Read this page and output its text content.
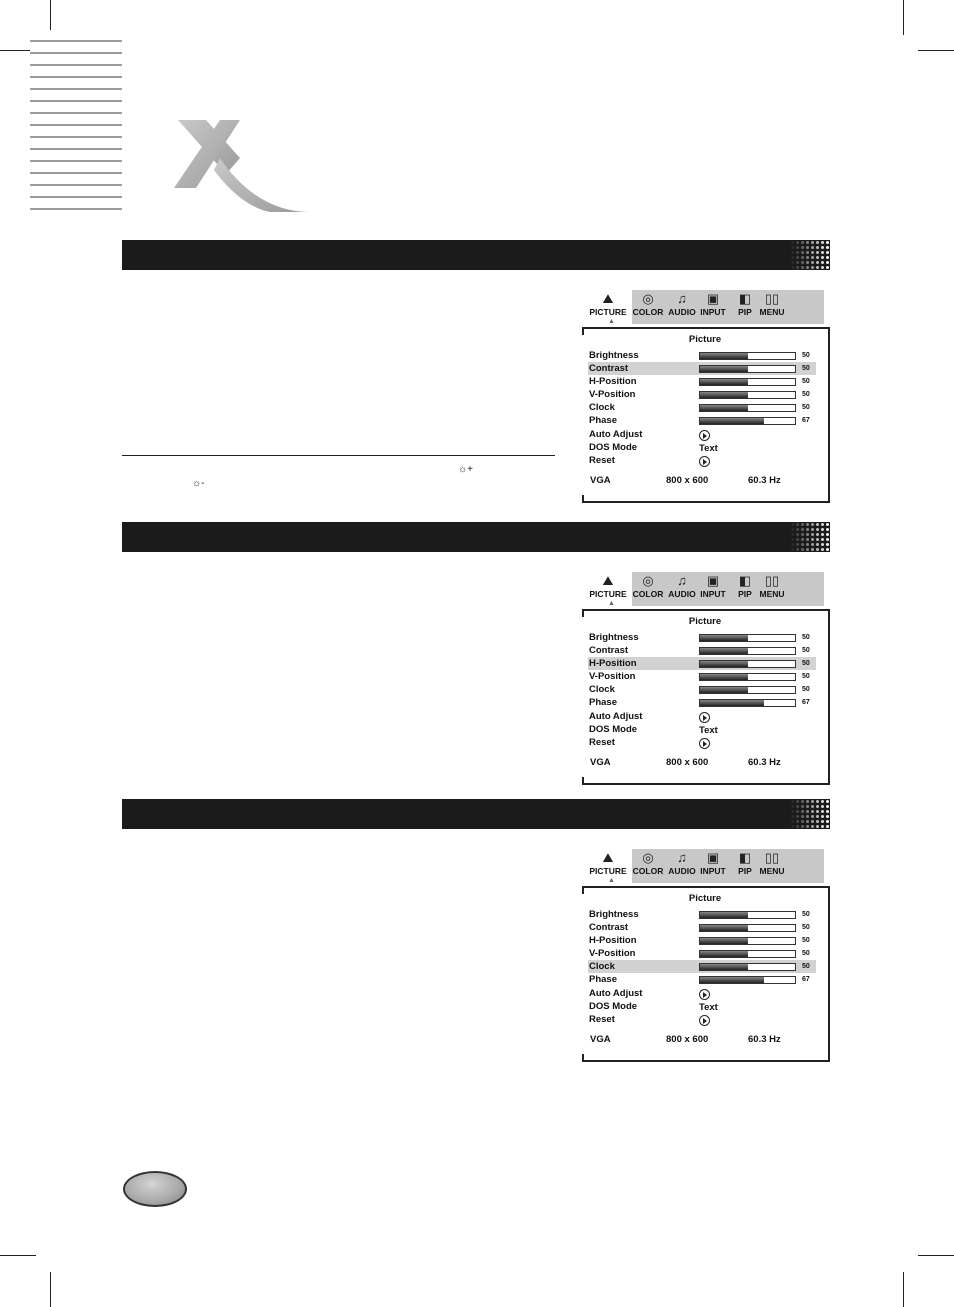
☼+
☼-
⛰
PICTURE
◎
COLOR
♫
AUDIO
▣
INPUT
◧
PIP
▯▯
MENU
▲
Picture
Brightness	50
Contrast	50
H-Position	50
V-Position	50
Clock	50
Phase	67
Auto Adjust
DOS Mode	Text
Reset
VGA	800 x 600	60.3 Hz
⛰
PICTURE
◎
COLOR
♫
AUDIO
▣
INPUT
◧
PIP
▯▯
MENU
▲
Picture
Brightness	50
Contrast	50
H-Position	50
V-Position	50
Clock	50
Phase	67
Auto Adjust
DOS Mode	Text
Reset
VGA	800 x 600	60.3 Hz
⛰
PICTURE
◎
COLOR
♫
AUDIO
▣
INPUT
◧
PIP
▯▯
MENU
▲
Picture
Brightness	50
Contrast	50
H-Position	50
V-Position	50
Clock	50
Phase	67
Auto Adjust
DOS Mode	Text
Reset
VGA	800 x 600	60.3 Hz
